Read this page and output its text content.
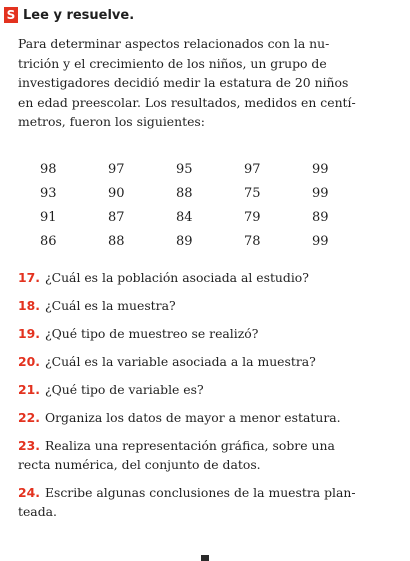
S Lee y resuelve.

Para determinar aspectos relacionados con la nu-
trición y el crecimiento de los niños, un grupo de
investigadores decidió medir la estatura de 20 niños
en edad preescolar. Los resultados, medidos en centí-
metros, fueron los siguientes:

98	97	95	97	99
93	90	88	75	99
91	87	84	79	89
86	88	89	78	99
17. ¿Cuál es la población asociada al estudio?
18. ¿Cuál es la muestra?
19. ¿Qué tipo de muestreo se realizó?
20. ¿Cuál es la variable asociada a la muestra?
21. ¿Qué tipo de variable es?
22. Organiza los datos de mayor a menor estatura.
23. Realiza una representación gráfica, sobre una
recta numérica, del conjunto de datos.
24. Escribe algunas conclusiones de la muestra plan-
teada.
